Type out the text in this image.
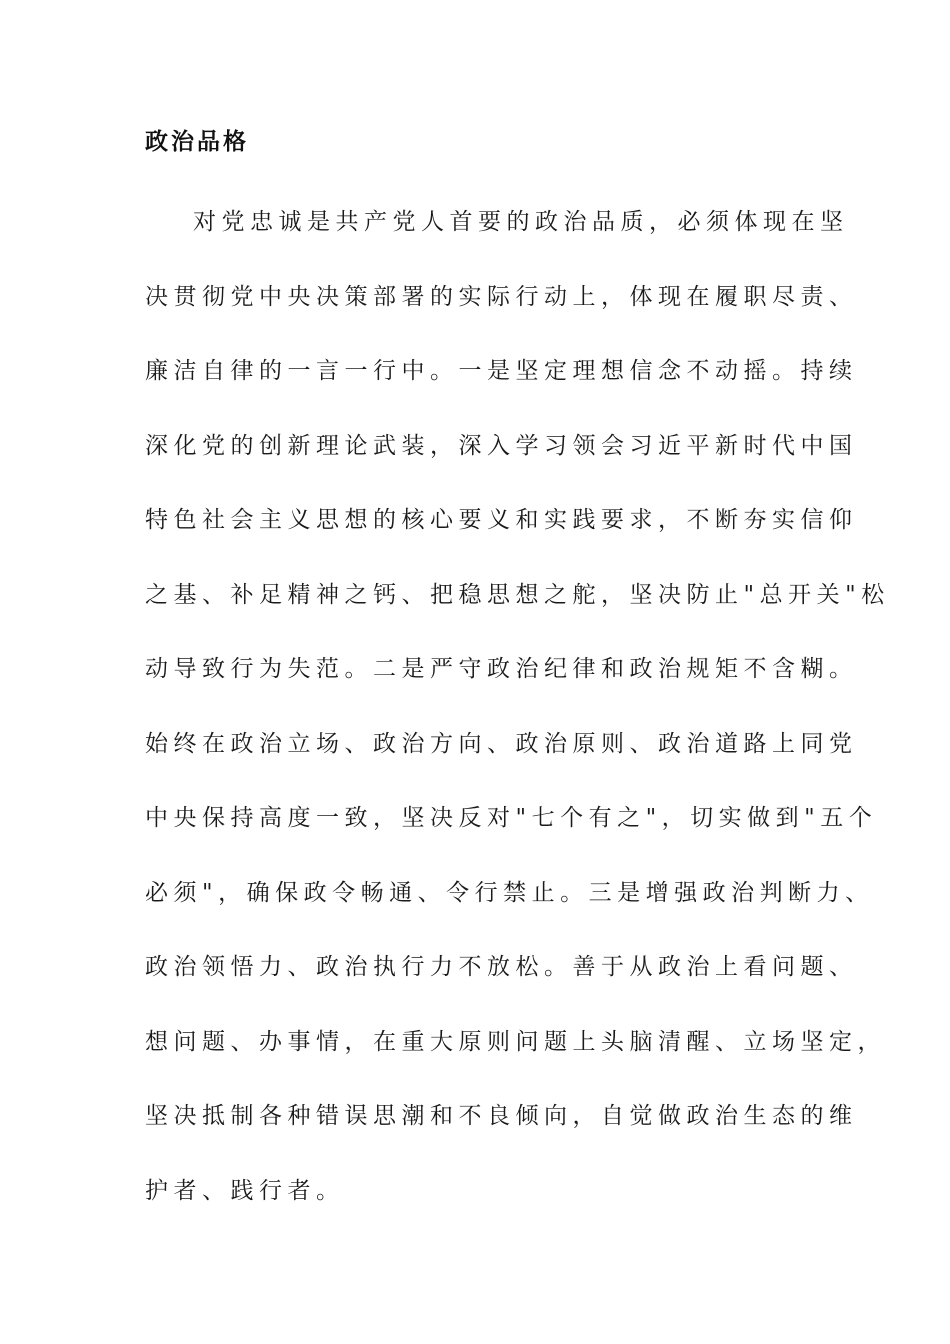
政治品格
对党忠诚是共产党人首要的政治品质，必须体现在坚
决贯彻党中央决策部署的实际行动上，体现在履职尽责、
廉洁自律的一言一行中。一是坚定理想信念不动摇。持续
深化党的创新理论武装，深入学习领会习近平新时代中国
特色社会主义思想的核心要义和实践要求，不断夯实信仰
之基、补足精神之钙、把稳思想之舵，坚决防止"总开关"松
动导致行为失范。二是严守政治纪律和政治规矩不含糊。
始终在政治立场、政治方向、政治原则、政治道路上同党
中央保持高度一致，坚决反对"七个有之"，切实做到"五个
必须"，确保政令畅通、令行禁止。三是增强政治判断力、
政治领悟力、政治执行力不放松。善于从政治上看问题、
想问题、办事情，在重大原则问题上头脑清醒、立场坚定，
坚决抵制各种错误思潮和不良倾向，自觉做政治生态的维
护者、践行者。
